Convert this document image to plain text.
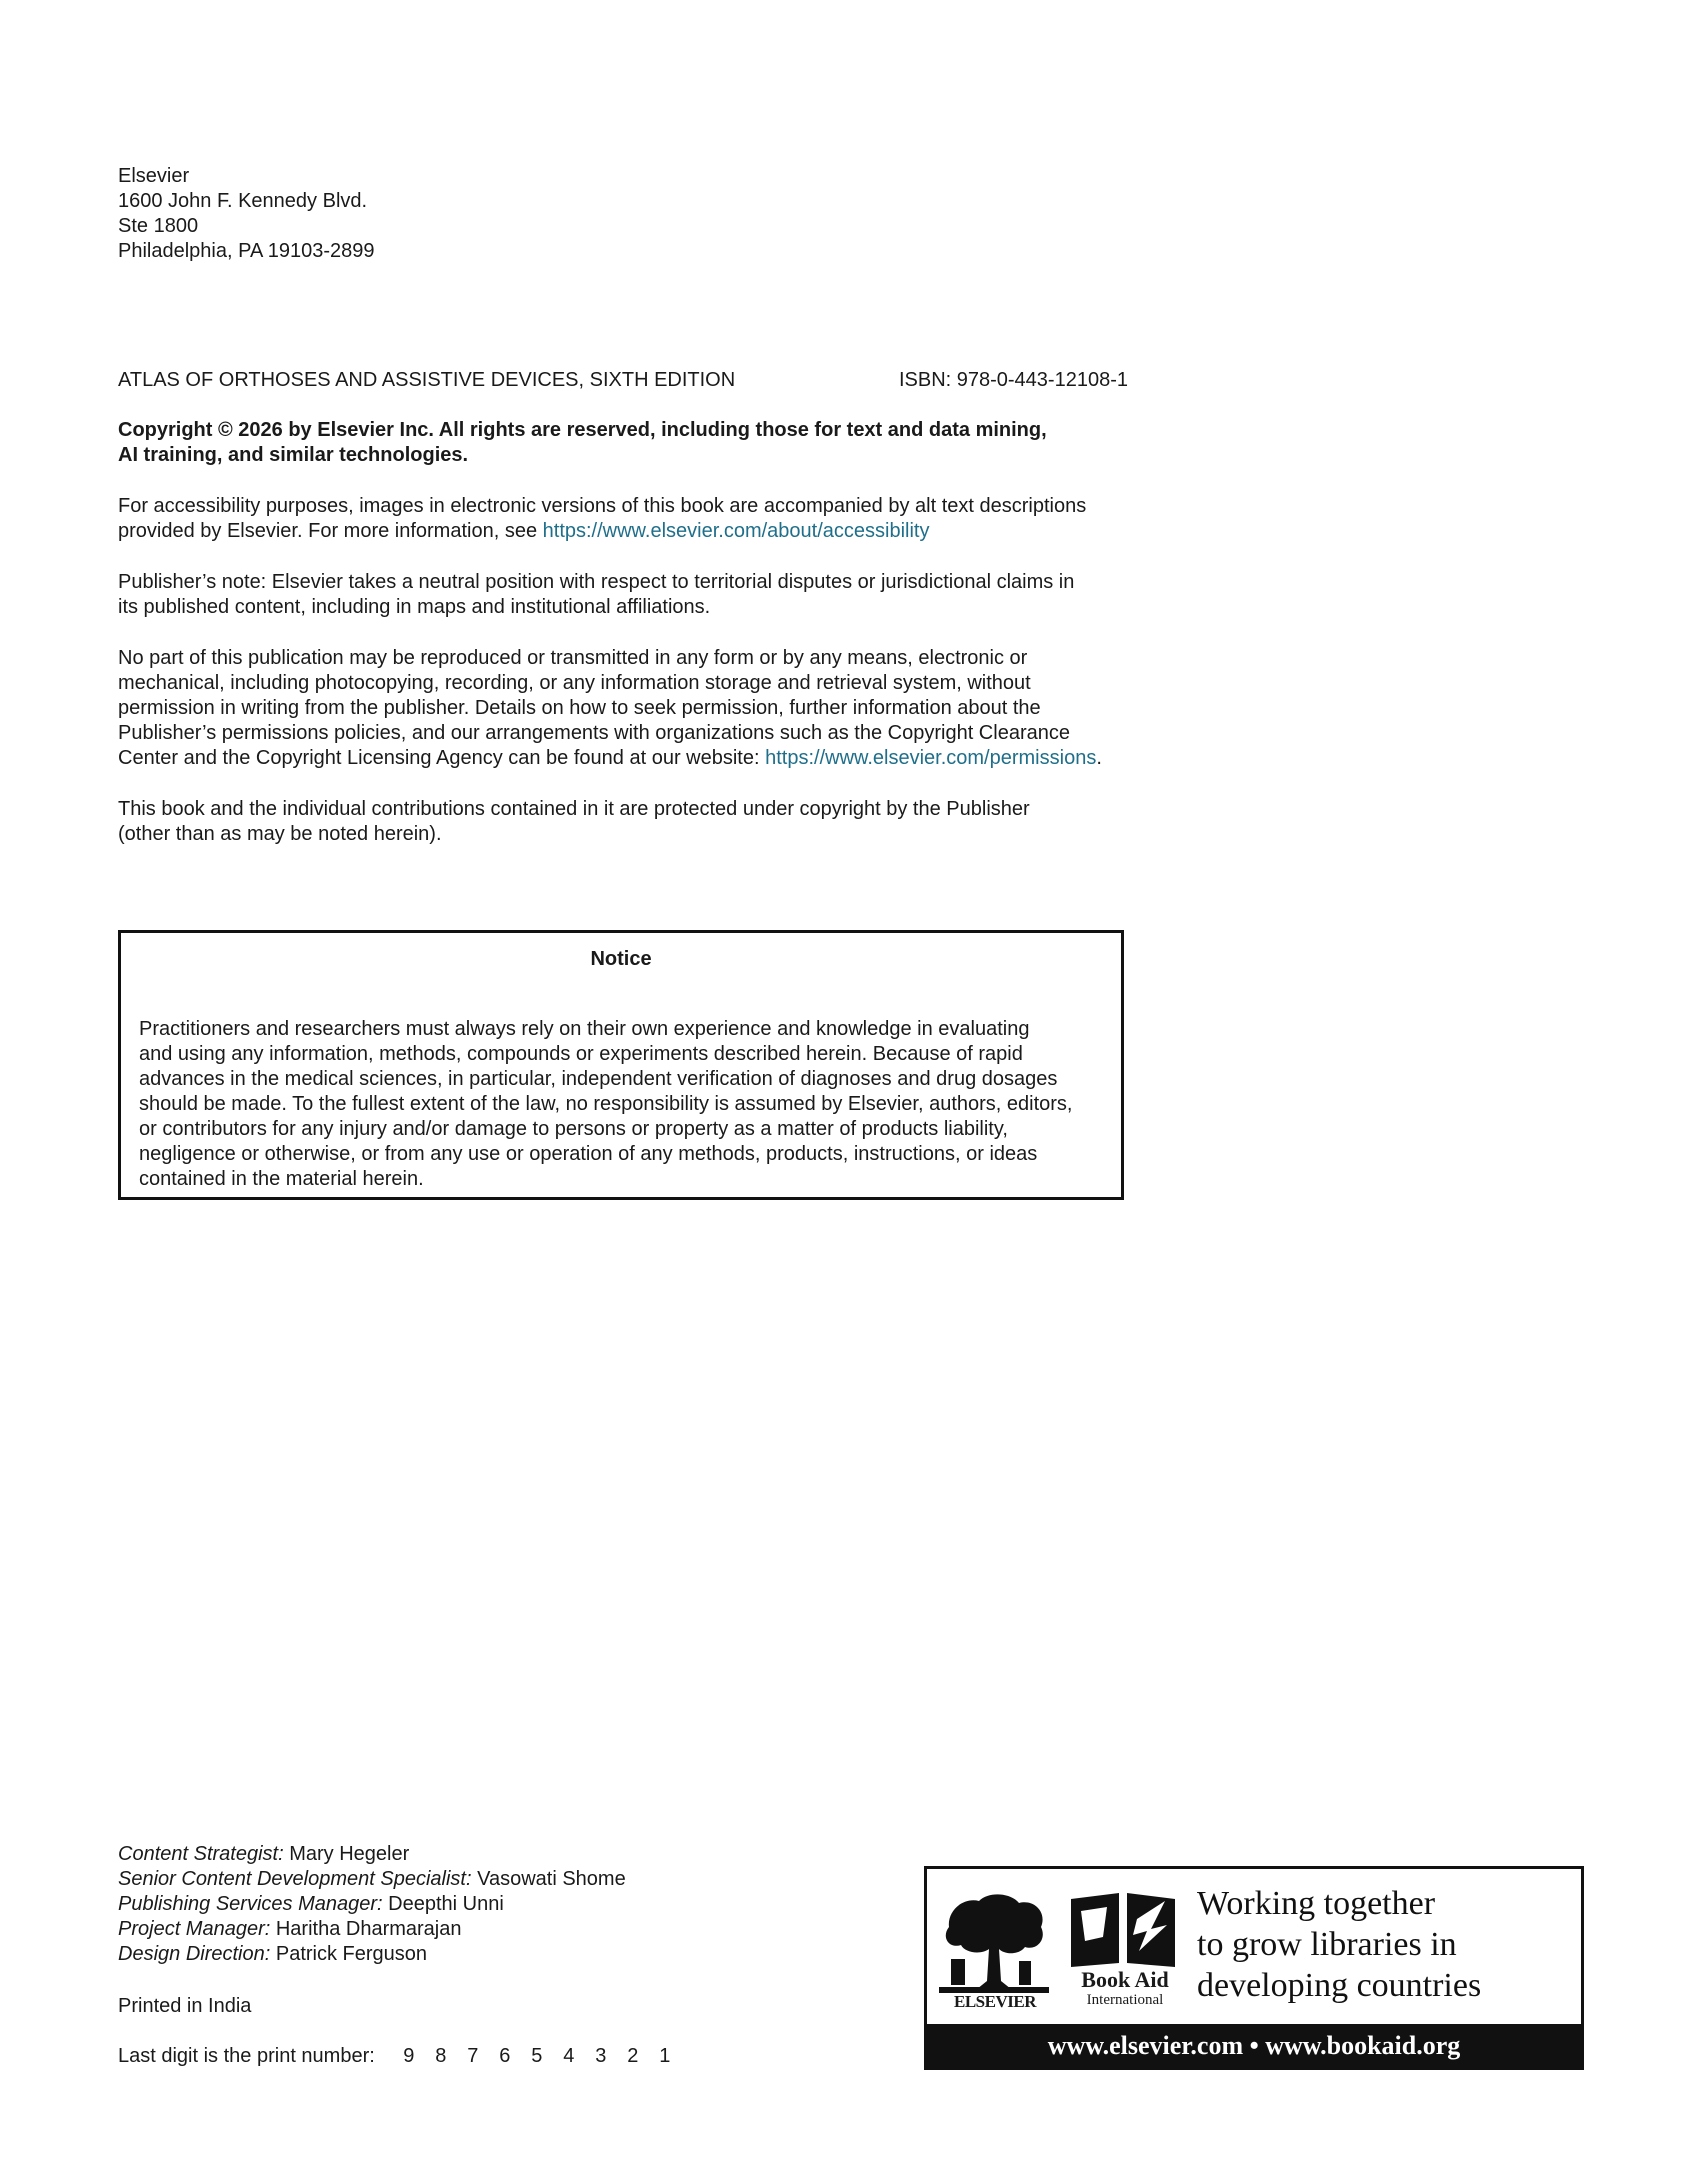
Elsevier

1600 John F. Kennedy Blvd.

Ste 1800

Philadelphia, PA 19103-2899

ATLAS OF ORTHOSES AND ASSISTIVE DEVICES, SIXTH EDITION	ISBN: 978-0-443-12108-1

Copyright © 2026 by Elsevier Inc. All rights are reserved, including those for text and data mining,

AI training, and similar technologies.

For accessibility purposes, images in electronic versions of this book are accompanied by alt text descriptions

provided by Elsevier. For more information, see https://www.elsevier.com/about/accessibility

Publisher’s note: Elsevier takes a neutral position with respect to territorial disputes or jurisdictional claims in

its published content, including in maps and institutional affiliations.

No part of this publication may be reproduced or transmitted in any form or by any means, electronic or

mechanical, including photocopying, recording, or any information storage and retrieval system, without

permission in writing from the publisher. Details on how to seek permission, further information about the

Publisher’s permissions policies, and our arrangements with organizations such as the Copyright Clearance

Center and the Copyright Licensing Agency can be found at our website: https://www.elsevier.com/permissions.

This book and the individual contributions contained in it are protected under copyright by the Publisher

(other than as may be noted herein).

Notice

Practitioners and researchers must always rely on their own experience and knowledge in evaluating

and using any information, methods, compounds or experiments described herein. Because of rapid

advances in the medical sciences, in particular, independent verification of diagnoses and drug dosages

should be made. To the fullest extent of the law, no responsibility is assumed by Elsevier, authors, editors,

or contributors for any injury and/or damage to persons or property as a matter of products liability,

negligence or otherwise, or from any use or operation of any methods, products, instructions, or ideas

contained in the material herein.

Content Strategist: Mary Hegeler

Senior Content Development Specialist: Vasowati Shome

Publishing Services Manager: Deepthi Unni

Project Manager: Haritha Dharmarajan

Design Direction: Patrick Ferguson

Printed in India

Last digit is the print number: 9 8 7 6 5 4 3 2 1

ELSEVIER
Book Aid
International
Working together
to grow libraries in
developing countries
www.elsevier.com • www.bookaid.org
